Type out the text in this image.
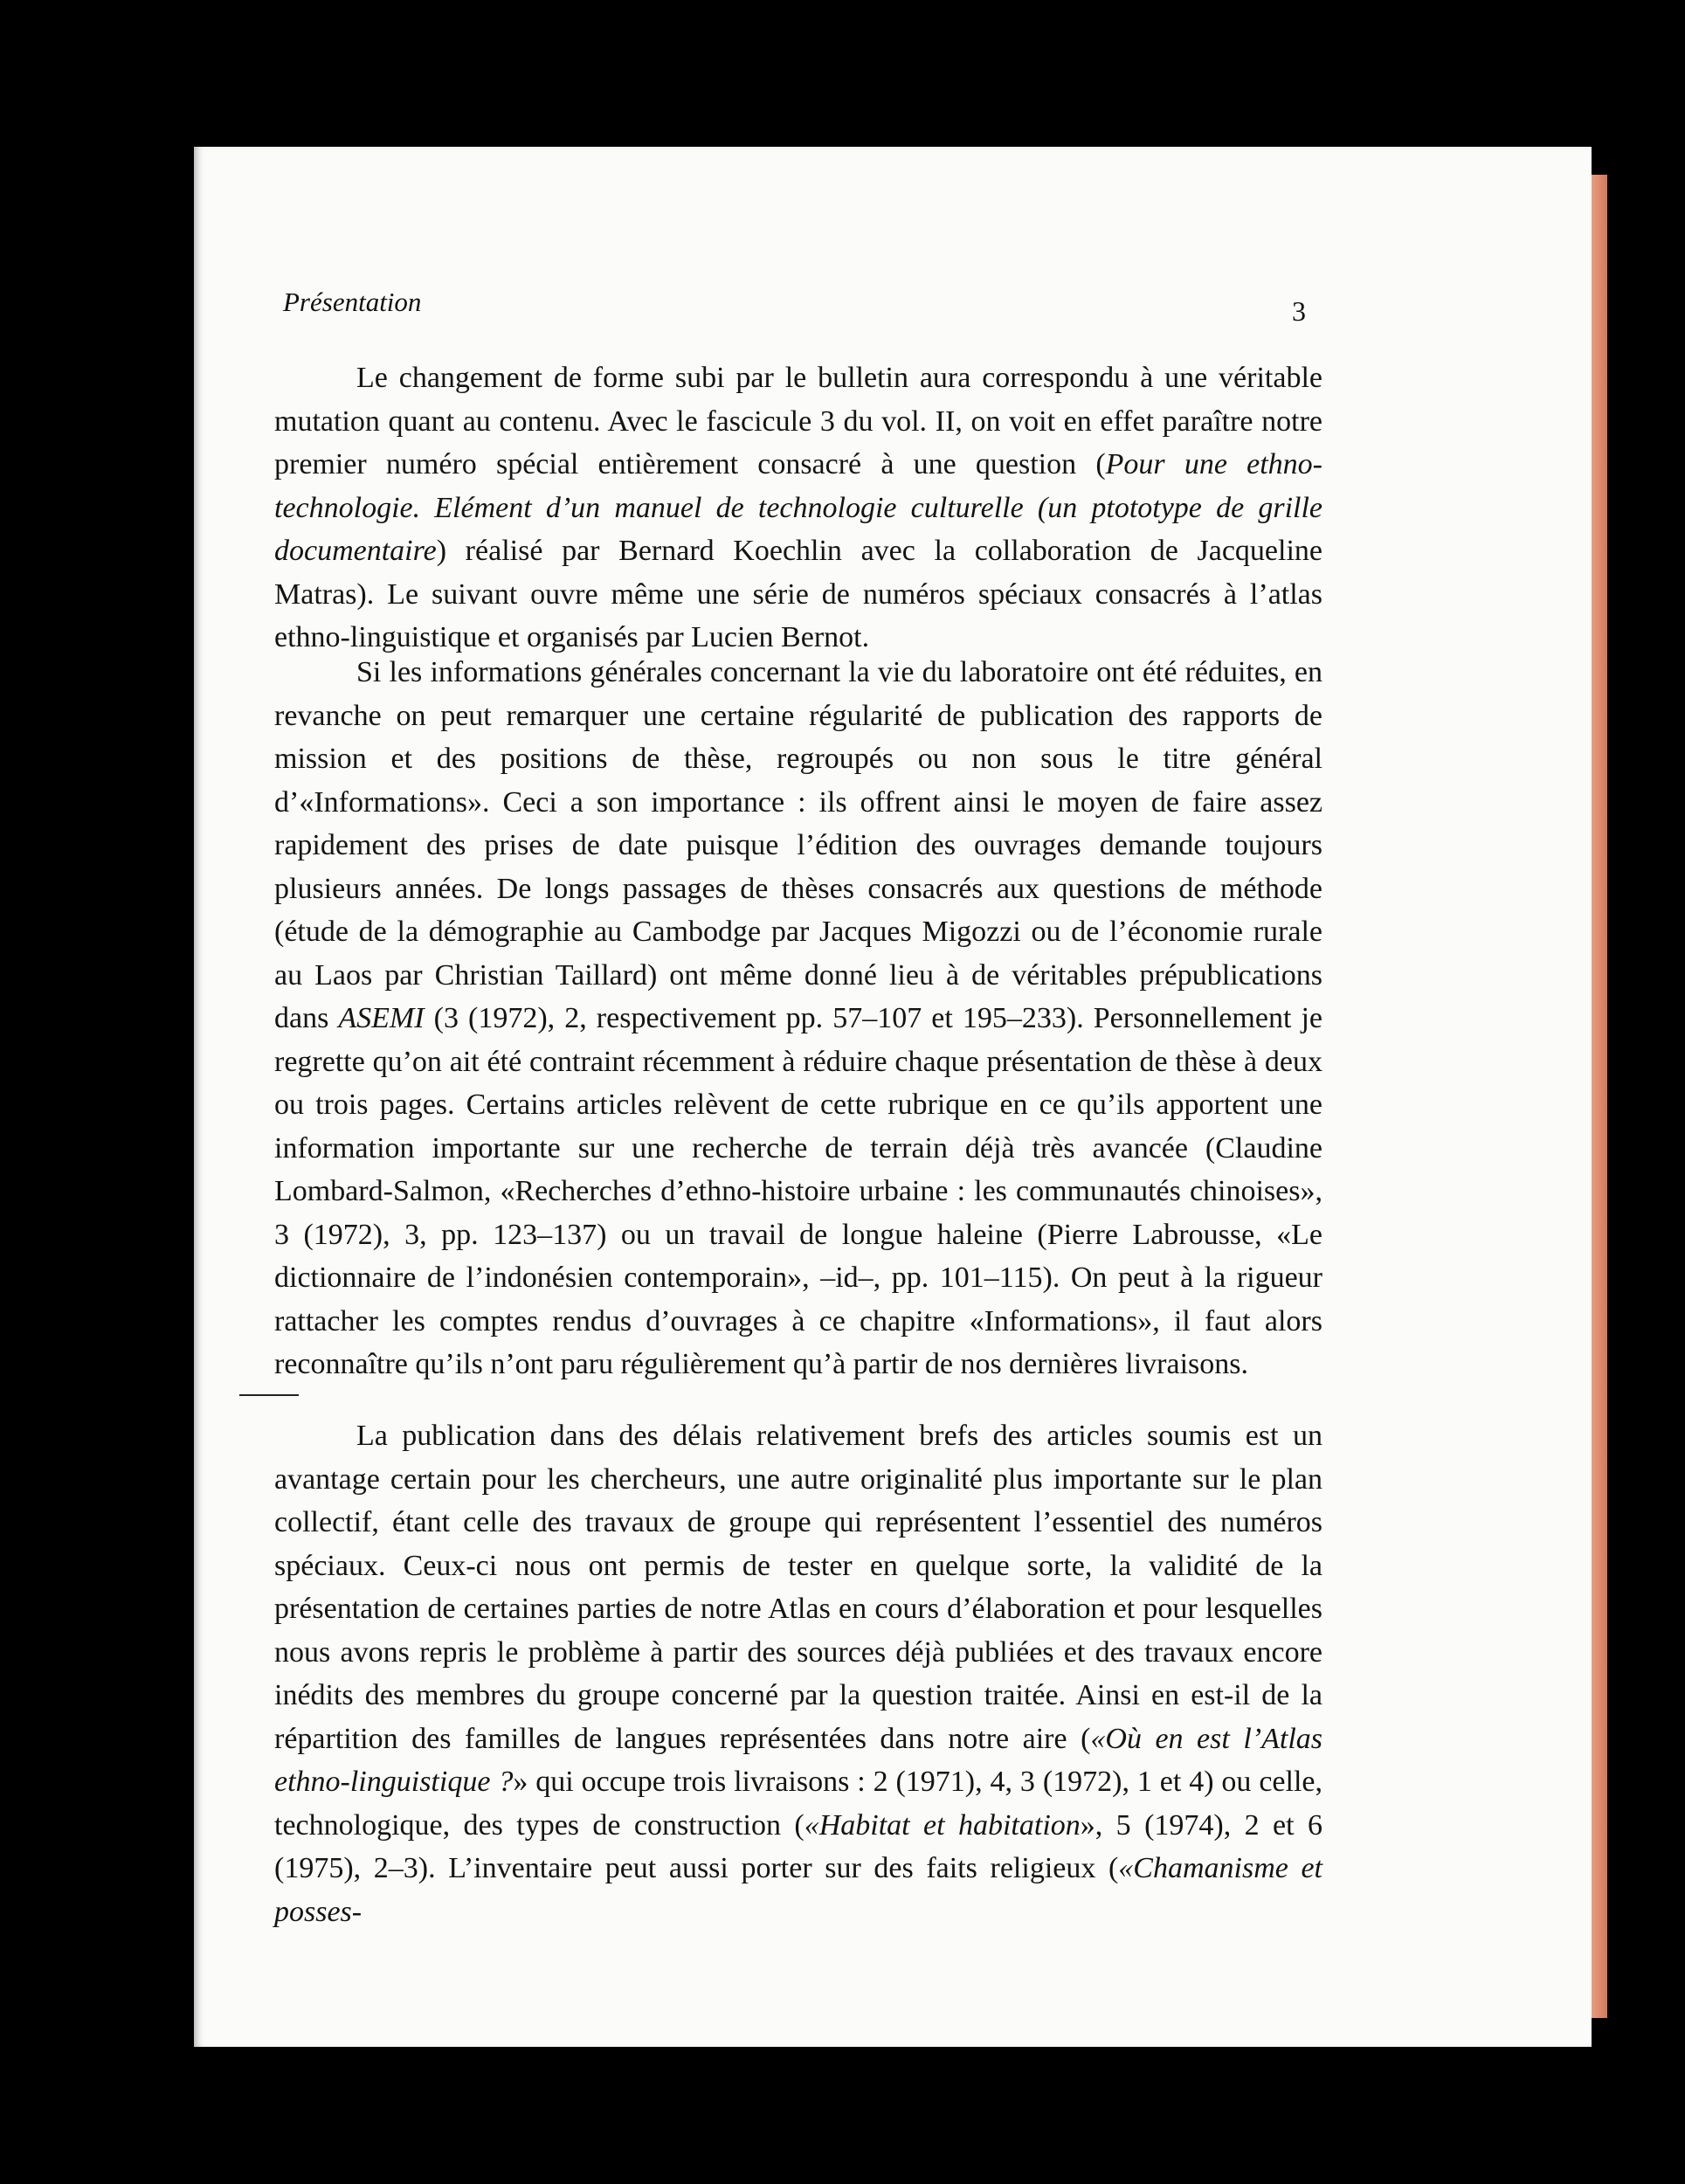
Présentation	3

Le changement de forme subi par le bulletin aura correspondu à une véritable mutation quant au contenu. Avec le fascicule 3 du vol. II, on voit en effet paraître notre premier numéro spécial entièrement consacré à une question (Pour une ethno-technologie. Elément d’un manuel de technologie culturelle (un ptototype de grille documentaire) réalisé par Bernard Koechlin avec la collaboration de Jacqueline Matras). Le suivant ouvre même une série de numéros spéciaux consacrés à l’atlas ethno-linguistique et organisés par Lucien Bernot.

Si les informations générales concernant la vie du laboratoire ont été réduites, en revanche on peut remarquer une certaine régularité de publication des rapports de mission et des positions de thèse, regroupés ou non sous le titre général d’«Informations». Ceci a son importance : ils offrent ainsi le moyen de faire assez rapidement des prises de date puisque l’édition des ouvrages demande toujours plusieurs années. De longs passages de thèses consacrés aux questions de méthode (étude de la démographie au Cambodge par Jacques Migozzi ou de l’économie rurale au Laos par Christian Taillard) ont même donné lieu à de véritables prépublications dans ASEMI (3 (1972), 2, respectivement pp. 57–107 et 195–233). Personnellement je regrette qu’on ait été contraint récemment à réduire chaque présentation de thèse à deux ou trois pages. Certains articles relèvent de cette rubrique en ce qu’ils apportent une information importante sur une recherche de terrain déjà très avancée (Claudine Lombard-Salmon, «Recherches d’ethno-histoire urbaine : les communautés chinoises», 3 (1972), 3, pp. 123–137) ou un travail de longue haleine (Pierre Labrousse, «Le dictionnaire de l’indonésien contemporain», –id–, pp. 101–115). On peut à la rigueur rattacher les comptes rendus d’ouvrages à ce chapitre «Informations», il faut alors reconnaître qu’ils n’ont paru régulièrement qu’à partir de nos dernières livraisons.

La publication dans des délais relativement brefs des articles soumis est un avantage certain pour les chercheurs, une autre originalité plus importante sur le plan collectif, étant celle des travaux de groupe qui représentent l’essentiel des numéros spéciaux. Ceux-ci nous ont permis de tester en quelque sorte, la validité de la présentation de certaines parties de notre Atlas en cours d’élaboration et pour lesquelles nous avons repris le problème à partir des sources déjà publiées et des travaux encore inédits des membres du groupe concerné par la question traitée. Ainsi en est-il de la répartition des familles de langues représentées dans notre aire («Où en est l’Atlas ethno-linguistique ?» qui occupe trois livraisons : 2 (1971), 4, 3 (1972), 1 et 4) ou celle, technologique, des types de construction («Habitat et habitation», 5 (1974), 2 et 6 (1975), 2–3). L’inventaire peut aussi porter sur des faits religieux («Chamanisme et posses-
